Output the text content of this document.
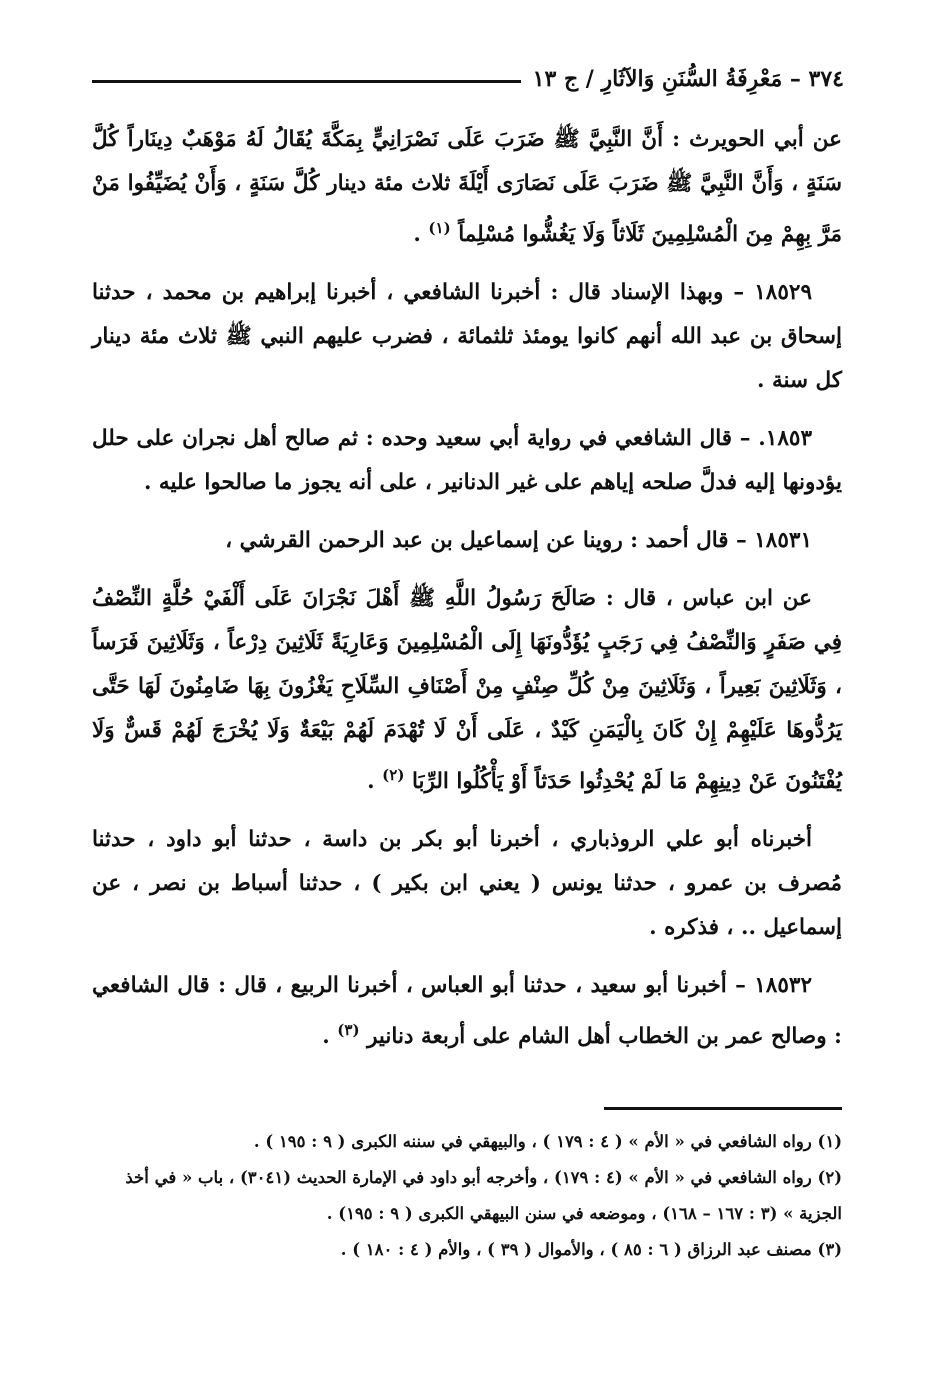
٣٧٤ – مَعْرِفَةُ السُّنَنِ وَالآثَارِ / ج ١٣

عن أبي الحويرث : أَنَّ النَّبِيَّ ﷺ ضَرَبَ عَلَى نَصْرَانِيٍّ بِمَكَّةَ يُقَالُ لَهُ مَوْهَبٌ دِينَاراً كُلَّ سَنَةٍ ، وَأَنَّ النَّبِيَّ ﷺ ضَرَبَ عَلَى نَصَارَى أَيْلَةَ ثلاث مئة دينار كُلَّ سَنَةٍ ، وَأَنْ يُضَيِّفُوا مَنْ مَرَّ بِهِمْ مِنَ الْمُسْلِمِينَ ثَلَاثاً وَلَا يَغُشُّوا مُسْلِماً $^{(١)}$ .

١٨٥٢٩ – وبهذا الإسناد قال : أخبرنا الشافعي ، أخبرنا إبراهيم بن محمد ، حدثنا إسحاق بن عبد الله أنهم كانوا يومئذ ثلثمائة ، فضرب عليهم النبي ﷺ ثلاث مئة دينار كل سنة .

١٨٥٣. – قال الشافعي في رواية أبي سعيد وحده : ثم صالح أهل نجران على حلل يؤدونها إليه فدلَّ صلحه إياهم على غير الدنانير ، على أنه يجوز ما صالحوا عليه .

١٨٥٣١ – قال أحمد : روينا عن إسماعيل بن عبد الرحمن القرشي ،

عن ابن عباس ، قال : صَالَحَ رَسُولُ اللَّهِ ﷺ أَهْلَ نَجْرَانَ عَلَى أَلْفَيْ حُلَّةٍ النِّصْفُ فِي صَفَرٍ وَالنِّصْفُ فِي رَجَبٍ يُؤَدُّونَهَا إِلَى الْمُسْلِمِينَ وَعَارِيَةً ثَلَاثِينَ دِرْعاً ، وَثَلَاثِينَ فَرَساً ، وَثَلَاثِينَ بَعِيراً ، وَثَلَاثِينَ مِنْ كُلِّ صِنْفٍ مِنْ أَصْنَافِ السِّلَاحِ يَغْزُونَ بِهَا ضَامِنُونَ لَهَا حَتَّى يَرُدُّوهَا عَلَيْهِمْ إِنْ كَانَ بِالْيَمَنِ كَيْدٌ ، عَلَى أَنْ لَا تُهْدَمَ لَهُمْ بَيْعَةٌ وَلَا يُخْرَجَ لَهُمْ قَسٌّ وَلَا يُفْتَنُونَ عَنْ دِينِهِمْ مَا لَمْ يُحْدِثُوا حَدَثاً أَوْ يَأْكُلُوا الرِّبَا $^{(٢)}$ .

أخبرناه أبو علي الروذباري ، أخبرنا أبو بكر بن داسة ، حدثنا أبو داود ، حدثنا مُصرف بن عمرو ، حدثنا يونس ( يعني ابن بكير ) ، حدثنا أسباط بن نصر ، عن إسماعيل .. ، فذكره .

١٨٥٣٢ – أخبرنا أبو سعيد ، حدثنا أبو العباس ، أخبرنا الربيع ، قال : قال الشافعي : وصالح عمر بن الخطاب أهل الشام على أربعة دنانير $^{(٣)}$ .

(١) رواه الشافعي في « الأم » ( ٤ : ١٧٩ ) ، والبيهقي في سننه الكبرى ( ٩ : ١٩٥ ) .

(٢) رواه الشافعي في « الأم » (٤ : ١٧٩) ، وأخرجه أبو داود في الإمارة الحديث (٣٠٤١) ، باب « في أخذ الجزية » (٣ : ١٦٧ – ١٦٨) ، وموضعه في سنن البيهقي الكبرى ( ٩ : ١٩٥) .

(٣) مصنف عبد الرزاق ( ٦ : ٨٥ ) ، والأموال ( ٣٩ ) ، والأم ( ٤ : ١٨٠ ) .
